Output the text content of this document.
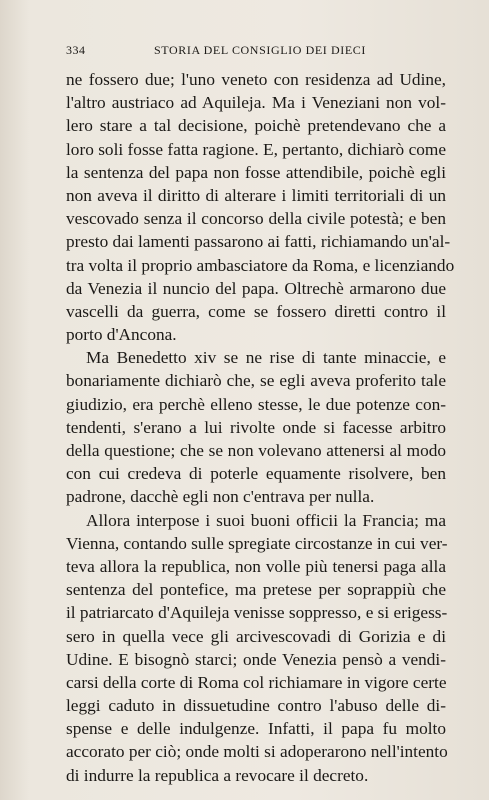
334	STORIA DEL CONSIGLIO DEI DIECI
ne fossero due; l'uno veneto con residenza ad Udine,
l'altro austriaco ad Aquileja. Ma i Veneziani non vol-
lero stare a tal decisione, poichè pretendevano che a
loro soli fosse fatta ragione. E, pertanto, dichiarò come
la sentenza del papa non fosse attendibile, poichè egli
non aveva il diritto di alterare i limiti territoriali di un
vescovado senza il concorso della civile potestà; e ben
presto dai lamenti passarono ai fatti, richiamando un'al-
tra volta il proprio ambasciatore da Roma, e licenziando
da Venezia il nuncio del papa. Oltrechè armarono due
vascelli da guerra, come se fossero diretti contro il
porto d'Ancona.
Ma Benedetto xiv se ne rise di tante minaccie, e
bonariamente dichiarò che, se egli aveva proferito tale
giudizio, era perchè elleno stesse, le due potenze con-
tendenti, s'erano a lui rivolte onde si facesse arbitro
della questione; che se non volevano attenersi al modo
con cui credeva di poterle equamente risolvere, ben
padrone, dacchè egli non c'entrava per nulla.
Allora interpose i suoi buoni officii la Francia; ma
Vienna, contando sulle spregiate circostanze in cui ver-
teva allora la republica, non volle più tenersi paga alla
sentenza del pontefice, ma pretese per soprappiù che
il patriarcato d'Aquileja venisse soppresso, e si erigess-
sero in quella vece gli arcivescovadi di Gorizia e di
Udine. E bisognò starci; onde Venezia pensò a vendi-
carsi della corte di Roma col richiamare in vigore certe
leggi caduto in dissuetudine contro l'abuso delle di-
spense e delle indulgenze. Infatti, il papa fu molto
accorato per ciò; onde molti si adoperarono nell'intento
di indurre la republica a revocare il decreto.
